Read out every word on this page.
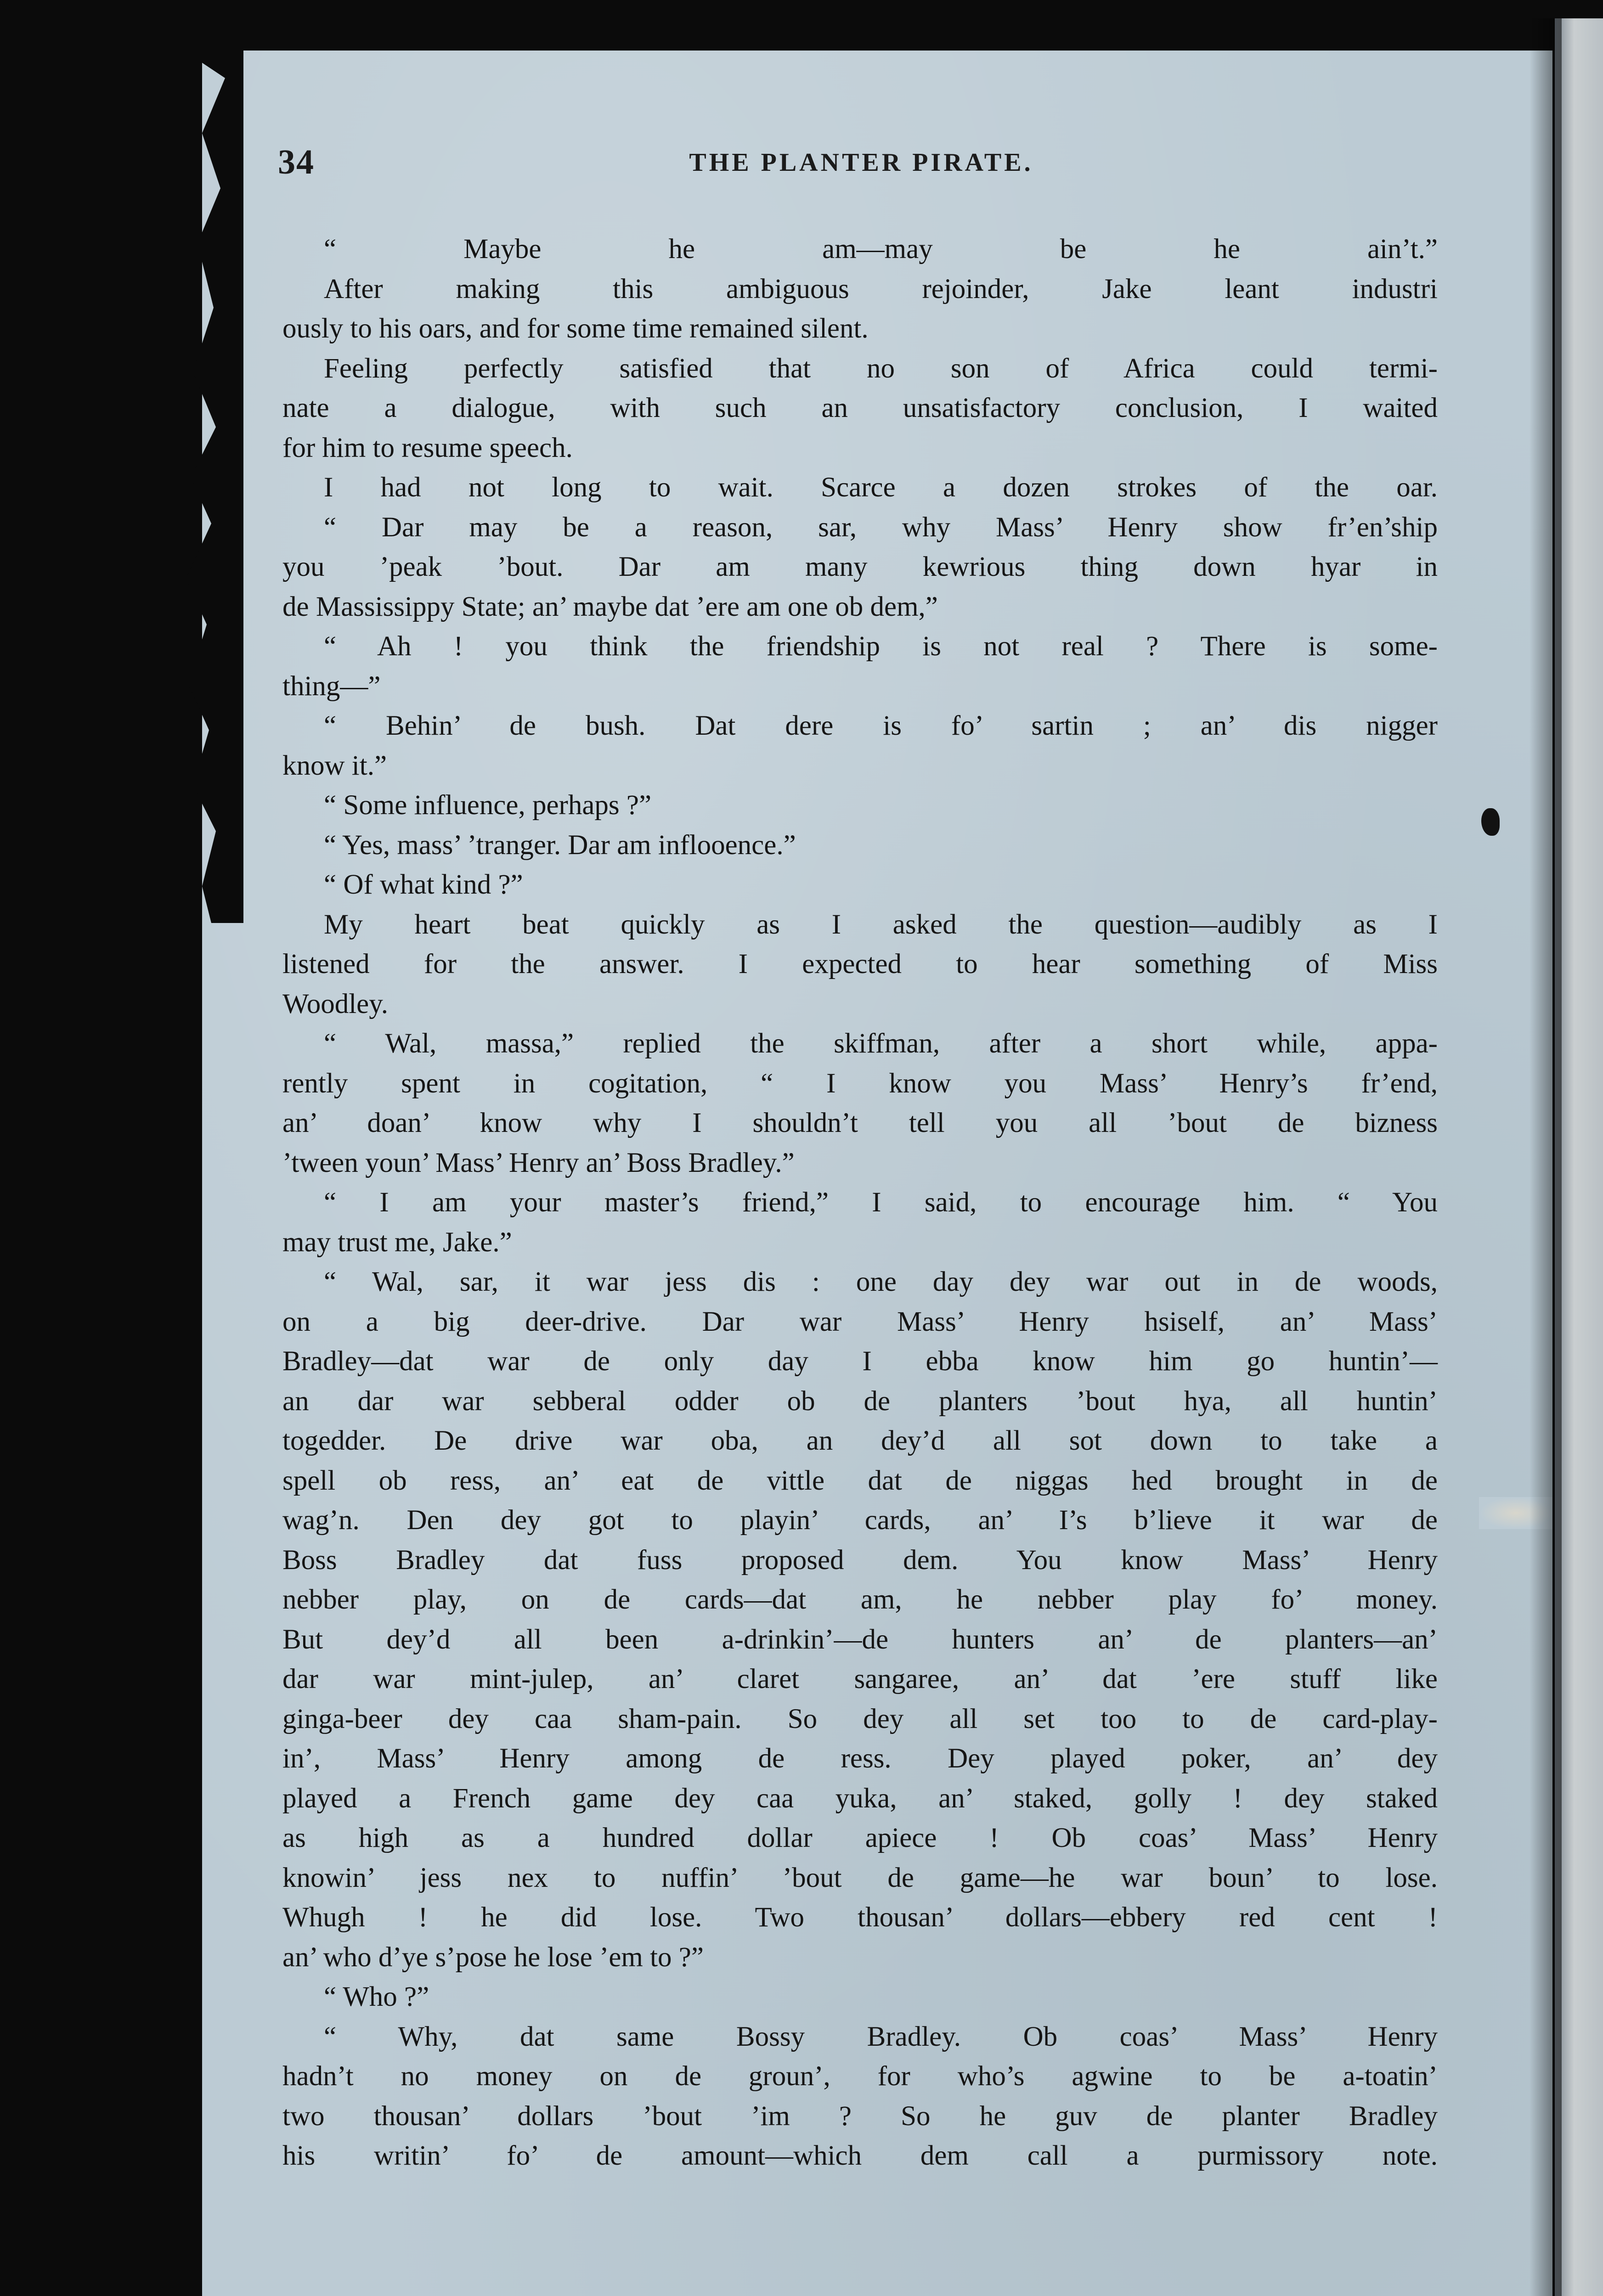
34	THE PLANTER PIRATE.
“ Maybe he am—may be he ain’t.”
After making this ambiguous rejoinder, Jake leant industri
ously to his oars, and for some time remained silent.
Feeling perfectly satisfied that no son of Africa could termi-
nate a dialogue, with such an unsatisfactory conclusion, I waited
for him to resume speech.
I had not long to wait. Scarce a dozen strokes of the oar.
“ Dar may be a reason, sar, why Mass’ Henry show fr’en’ship
you ’peak ’bout. Dar am many kewrious thing down hyar in
de Massissippy State; an’ maybe dat ’ere am one ob dem,”
“ Ah ! you think the friendship is not real ? There is some-
thing—”
“ Behin’ de bush. Dat dere is fo’ sartin ; an’ dis nigger
know it.”
“ Some influence, perhaps ?”
“ Yes, mass’ ’tranger. Dar am inflooence.”
“ Of what kind ?”
My heart beat quickly as I asked the question—audibly as I
listened for the answer. I expected to hear something of Miss
Woodley.
“ Wal, massa,” replied the skiffman, after a short while, appa-
rently spent in cogitation, “ I know you Mass’ Henry’s fr’end,
an’ doan’ know why I shouldn’t tell you all ’bout de bizness
’tween youn’ Mass’ Henry an’ Boss Bradley.”
“ I am your master’s friend,” I said, to encourage him. “ You
may trust me, Jake.”
“ Wal, sar, it war jess dis : one day dey war out in de woods,
on a big deer-drive. Dar war Mass’ Henry hsiself, an’ Mass’
Bradley—dat war de only day I ebba know him go huntin’—
an dar war sebberal odder ob de planters ’bout hya, all huntin’
togedder. De drive war oba, an dey’d all sot down to take a
spell ob ress, an’ eat de vittle dat de niggas hed brought in de
wag’n. Den dey got to playin’ cards, an’ I’s b’lieve it war de
Boss Bradley dat fuss proposed dem. You know Mass’ Henry
nebber play, on de cards—dat am, he nebber play fo’ money.
But dey’d all been a-drinkin’—de hunters an’ de planters—an’
dar war mint-julep, an’ claret sangaree, an’ dat ’ere stuff like
ginga-beer dey caa sham-pain. So dey all set too to de card-play-
in’, Mass’ Henry among de ress. Dey played poker, an’ dey
played a French game dey caa yuka, an’ staked, golly ! dey staked
as high as a hundred dollar apiece ! Ob coas’ Mass’ Henry
knowin’ jess nex to nuffin’ ’bout de game—he war boun’ to lose.
Whugh ! he did lose. Two thousan’ dollars—ebbery red cent !
an’ who d’ye s’pose he lose ’em to ?”
“ Who ?”
“ Why, dat same Bossy Bradley. Ob coas’ Mass’ Henry
hadn’t no money on de groun’, for who’s agwine to be a-toatin’
two thousan’ dollars ’bout ’im ? So he guv de planter Bradley
his writin’ fo’ de amount—which dem call a purmissory note.
